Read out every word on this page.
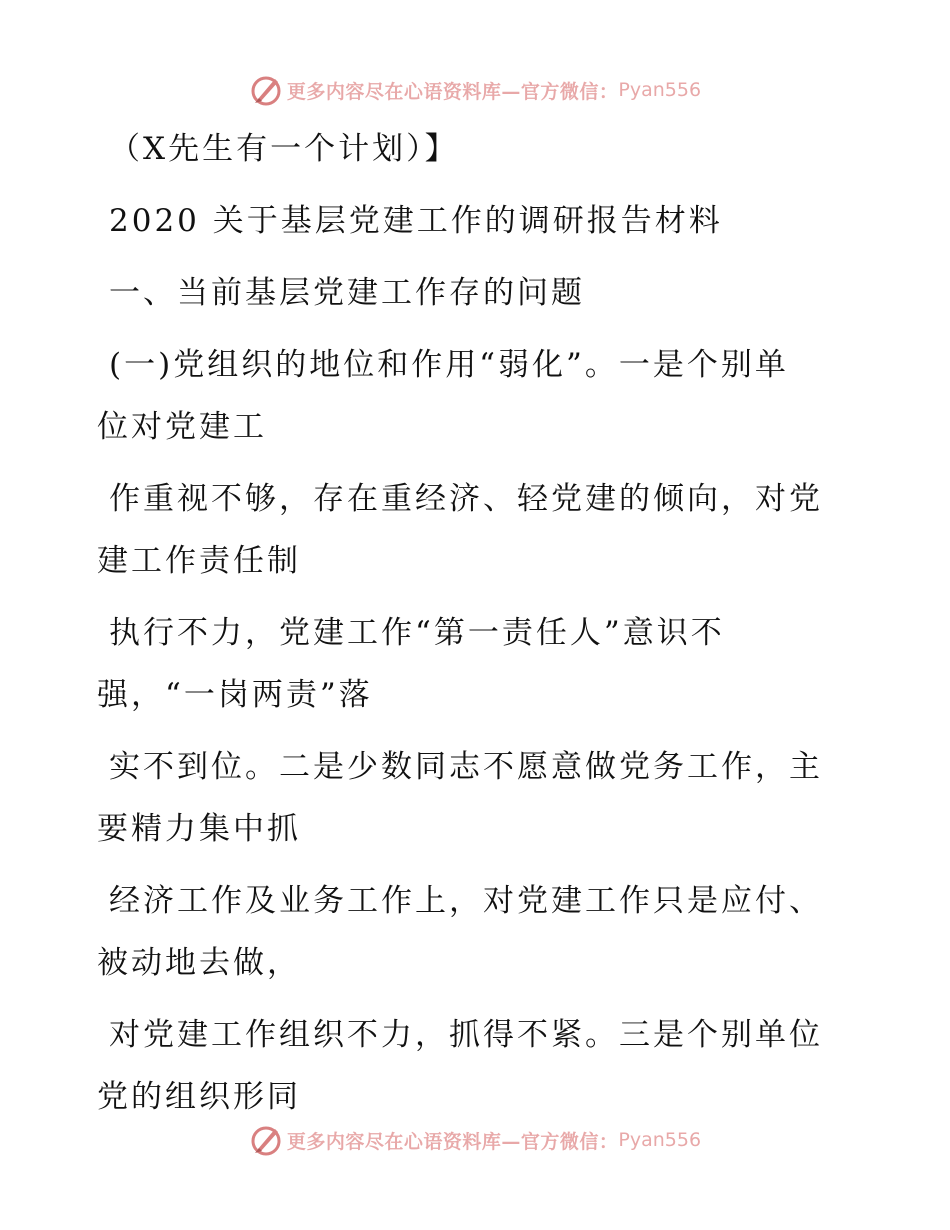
更多内容尽在心语资料库—官方微信： Pyan556

（X先生有一个计划）】

2020 关于基层党建工作的调研报告材料

一、当前基层党建工作存的问题

(一)党组织的地位和作用“弱化”。一是个别单

位对党建工

作重视不够，存在重经济、轻党建的倾向，对党

建工作责任制

执行不力，党建工作“第一责任人”意识不

强，“一岗两责”落

实不到位。二是少数同志不愿意做党务工作，主

要精力集中抓

经济工作及业务工作上，对党建工作只是应付、

被动地去做，

对党建工作组织不力，抓得不紧。三是个别单位

党的组织形同

更多内容尽在心语资料库—官方微信： Pyan556
